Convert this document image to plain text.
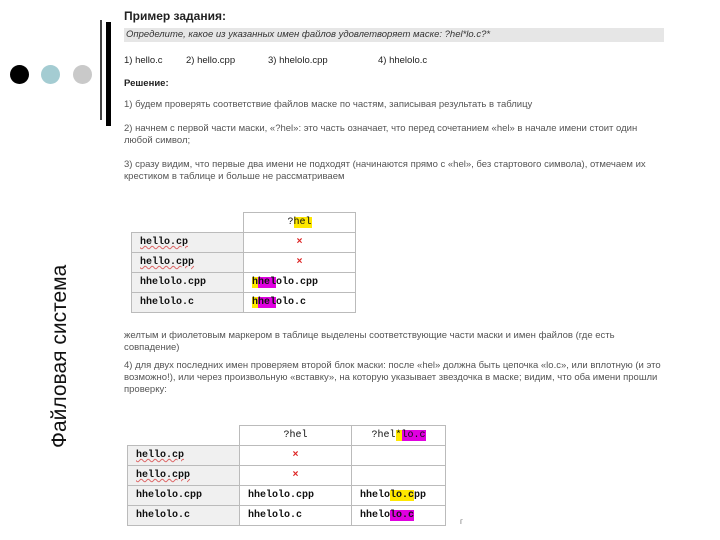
Файловая система
Пример задания:
Определите, какое из указанных имен файлов удовлетворяет маске: ?hel*lo.c?*
1) hello.c	2) hello.cpp	3) hhelolo.cpp	4) hhelolo.c
Решение:
1) будем проверять соответствие файлов маске по частям, записывая результать в таблицу
2) начнем с первой части маски, «?hel»: это часть означает, что перед сочетанием «hel» в начале имени стоит один любой символ;
3) сразу видим, что первые два имени не подходят (начинаются прямо с «hel», без стартового символа), отмечаем их крестиком в таблице и больше не рассматриваем
	?hel
hello.cp	×
hello.cpp	×
hhelolo.cpp	hhelolo.cpp
hhelolo.c	hhelolo.c
желтым и фиолетовым маркером в таблице выделены соответствующие части маски и имен файлов (где есть совпадение)
4) для двух последних имен проверяем второй блок маски: после «hel» должна быть цепочка «lo.c», или вплотную (и это возможно!), или через произвольную «вставку», на которую указывает звездочка в маске; видим, что оба имени прошли проверку:
	?hel	?hel*lo.c
hello.cp	×	
hello.cpp	×	
hhelolo.cpp	hhelolo.cpp	hhelolo.cpp
hhelolo.c	hhelolo.c	hhelolo.c
г
